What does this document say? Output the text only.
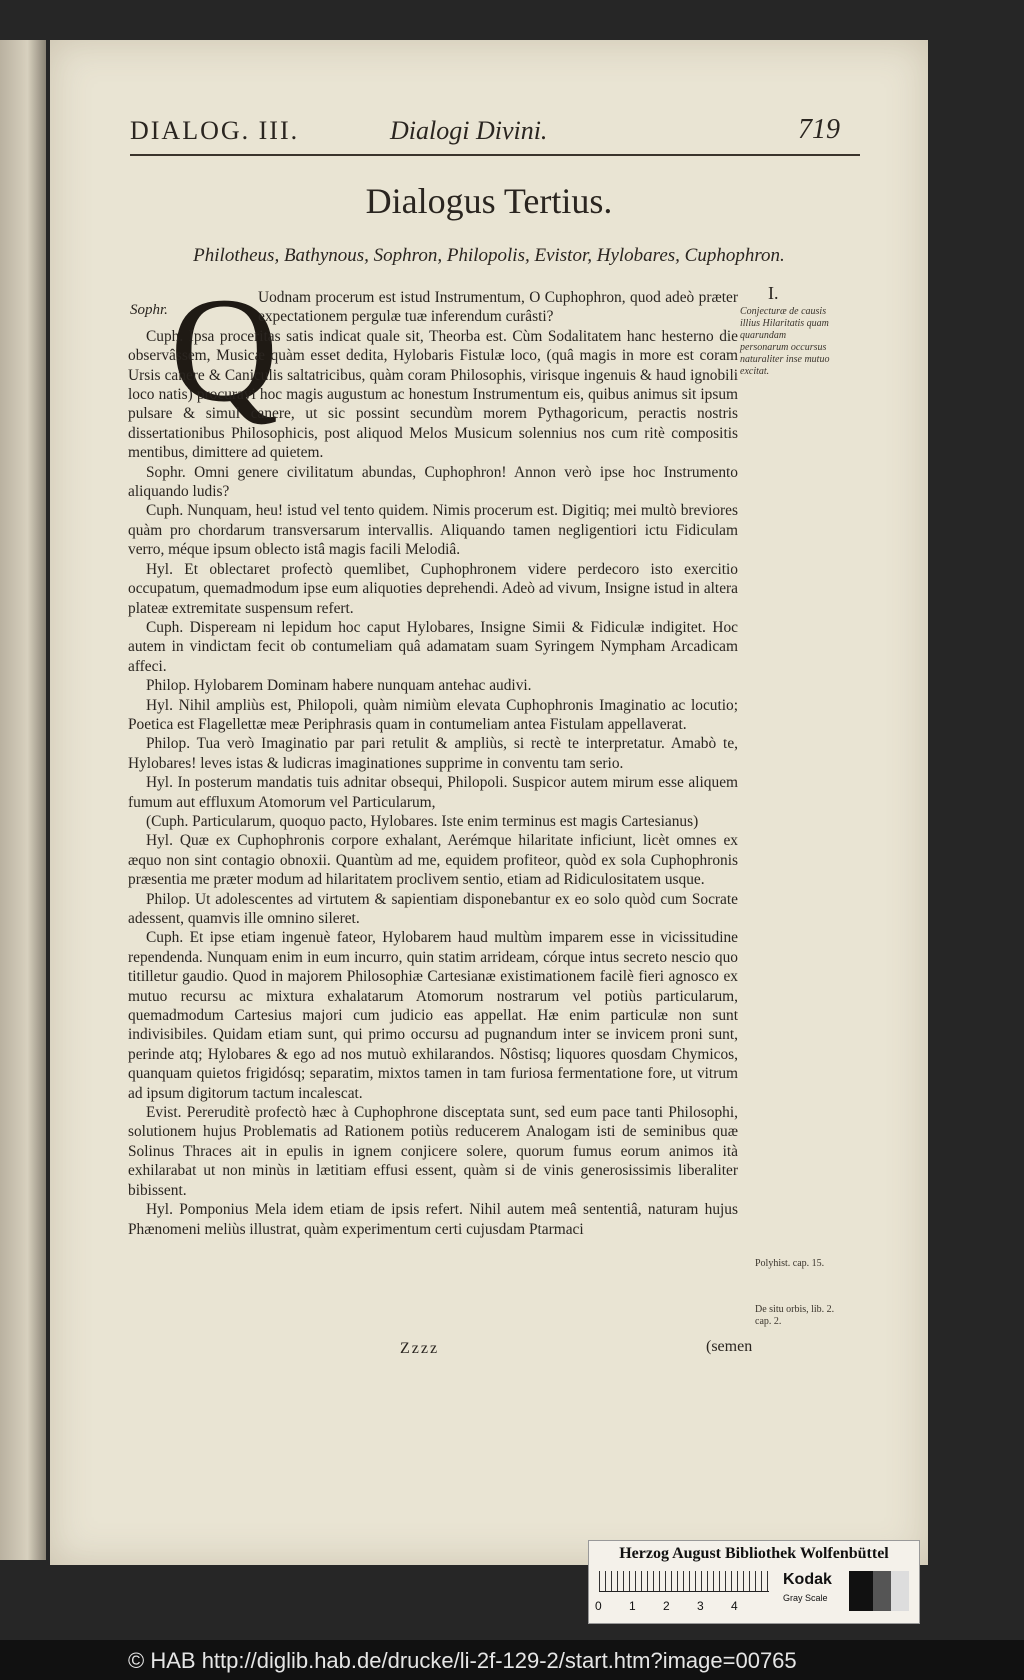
DIALOG. III.	Dialogi Divini.	719
Dialogus Tertius.
Philotheus, Bathynous, Sophron, Philopolis, Evistor, Hylobares, Cuphophron.
Sophr. Q	I.
Conjecturæ de causis illius Hilaritatis quam quarundam personarum occursus naturaliter inse mutuo excitat.
Polyhist. cap. 15.
De situ orbis, lib. 2. cap. 2.

Uodnam procerum est istud Instrumentum, O Cuphophron, quod adeò præter expectationem pergulæ tuæ inferendum curâsti?

Cuph. Ipsa proceritas satis indicat quale sit, Theorba est. Cùm Sodalitatem hanc hesterno die observâssem, Musicæ quàm esset dedita, Hylobaris Fistulæ loco, (quâ magis in more est coram Ursis canere & Caniculis saltatricibus, quàm coram Philosophis, virisque ingenuis & haud ignobili loco natis) procuravi hoc magis augustum ac honestum Instrumentum eis, quibus animus sit ipsum pulsare & simul canere, ut sic possint secundùm morem Pythagoricum, peractis nostris dissertationibus Philosophicis, post aliquod Melos Musicum solennius nos cum ritè compositis mentibus, dimittere ad quietem.

Sophr. Omni genere civilitatum abundas, Cuphophron! Annon verò ipse hoc Instrumento aliquando ludis?

Cuph. Nunquam, heu! istud vel tento quidem. Nimis procerum est. Digitiq; mei multò breviores quàm pro chordarum transversarum intervallis. Aliquando tamen negligentiori ictu Fidiculam verro, méque ipsum oblecto istâ magis facili Melodiâ.

Hyl. Et oblectaret profectò quemlibet, Cuphophronem videre perdecoro isto exercitio occupatum, quemadmodum ipse eum aliquoties deprehendi. Adeò ad vivum, Insigne istud in altera plateæ extremitate suspensum refert.

Cuph. Dispeream ni lepidum hoc caput Hylobares, Insigne Simii & Fidiculæ indigitet. Hoc autem in vindictam fecit ob contumeliam quâ adamatam suam Syringem Nympham Arcadicam affeci.

Philop. Hylobarem Dominam habere nunquam antehac audivi.

Hyl. Nihil ampliùs est, Philopoli, quàm nimiùm elevata Cuphophronis Imaginatio ac locutio; Poetica est Flagellettæ meæ Periphrasis quam in contumeliam antea Fistulam appellaverat.

Philop. Tua verò Imaginatio par pari retulit & ampliùs, si rectè te interpretatur. Amabò te, Hylobares! leves istas & ludicras imaginationes supprime in conventu tam serio.

Hyl. In posterum mandatis tuis adnitar obsequi, Philopoli. Suspicor autem mirum esse aliquem fumum aut effluxum Atomorum vel Particularum,

(Cuph. Particularum, quoquo pacto, Hylobares. Iste enim terminus est magis Cartesianus)

Hyl. Quæ ex Cuphophronis corpore exhalant, Aerémque hilaritate inficiunt, licèt omnes ex æquo non sint contagio obnoxii. Quantùm ad me, equidem profiteor, quòd ex sola Cuphophronis præsentia me præter modum ad hilaritatem proclivem sentio, etiam ad Ridiculositatem usque.

Philop. Ut adolescentes ad virtutem & sapientiam disponebantur ex eo solo quòd cum Socrate adessent, quamvis ille omnino sileret.

Cuph. Et ipse etiam ingenuè fateor, Hylobarem haud multùm imparem esse in vicissitudine rependenda. Nunquam enim in eum incurro, quin statim arrideam, córque intus secreto nescio quo titilletur gaudio. Quod in majorem Philosophiæ Cartesianæ existimationem facilè fieri agnosco ex mutuo recursu ac mixtura exhalatarum Atomorum nostrarum vel potiùs particularum, quemadmodum Cartesius majori cum judicio eas appellat. Hæ enim particulæ non sunt indivisibiles. Quidam etiam sunt, qui primo occursu ad pugnandum inter se invicem proni sunt, perinde atq; Hylobares & ego ad nos mutuò exhilarandos. Nôstisq; liquores quosdam Chymicos, quanquam quietos frigidósq; separatim, mixtos tamen in tam furiosa fermentatione fore, ut vitrum ad ipsum digitorum tactum incalescat.

Evist. Pereruditè profectò hæc à Cuphophrone disceptata sunt, sed eum pace tanti Philosophi, solutionem hujus Problematis ad Rationem potiùs reducerem Analogam isti de seminibus quæ Solinus Thraces ait in epulis in ignem conjicere solere, quorum fumus eorum animos ità exhilarabat ut non minùs in lætitiam effusi essent, quàm si de vinis generosissimis liberaliter bibissent.

Hyl. Pomponius Mela idem etiam de ipsis refert. Nihil autem meâ sententiâ, naturam hujus Phænomeni meliùs illustrat, quàm experimentum certi cujusdam Ptarmaci

Zzzz	(semen
Herzog August Bibliothek Wolfenbüttel
0 1 2 3 4
Kodak
Gray Scale
© HAB http://diglib.hab.de/drucke/li-2f-129-2/start.htm?image=00765
